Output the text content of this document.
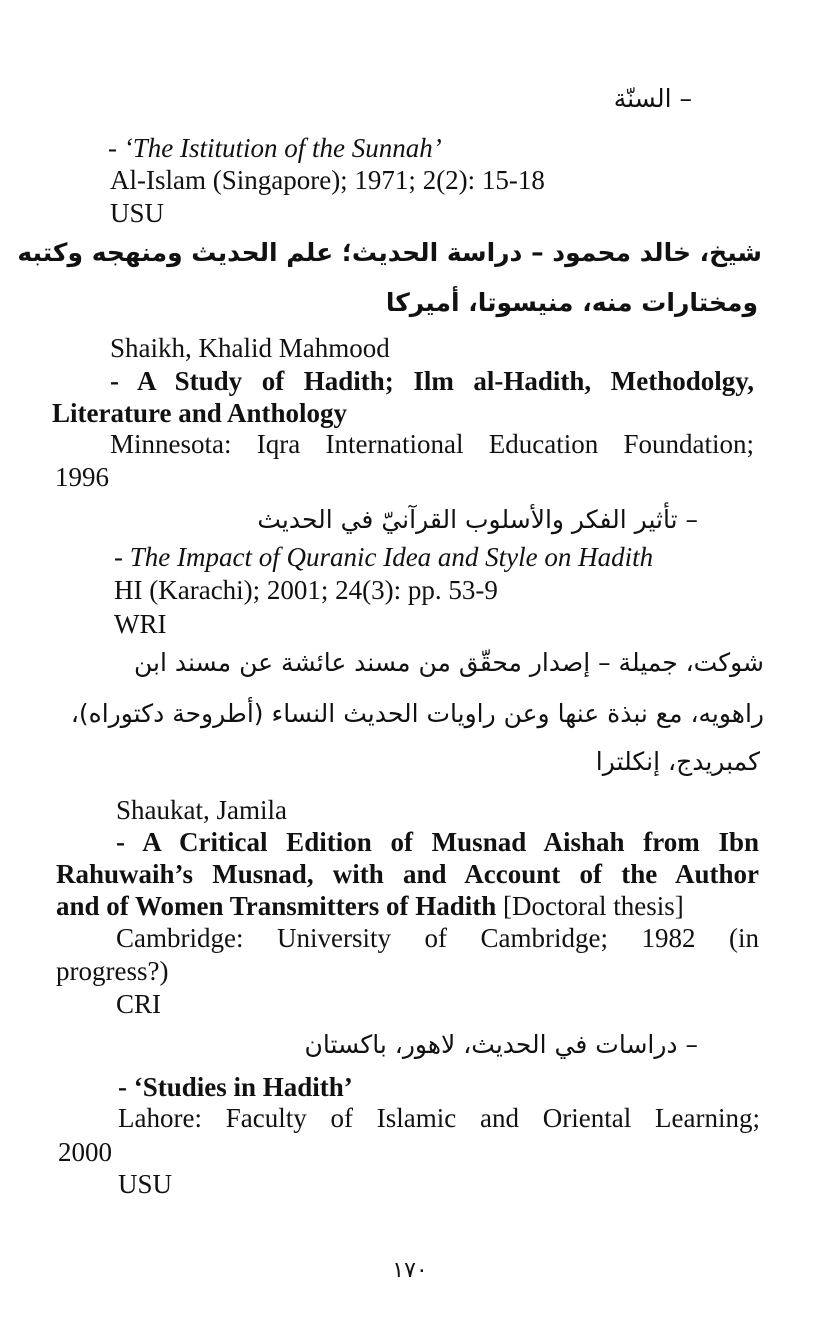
– السنّة
- ‘The Istitution of the Sunnah’
Al-Islam (Singapore); 1971; 2(2): 15-18
USU
شيخ، خالد محمود – دراسة الحديث؛ علم الحديث ومنهجه وكتبه
ومختارات منه، منيسوتا، أميركا
Shaikh, Khalid Mahmood
- A Study of Hadith; Ilm al-Hadith, Methodolgy,
Literature and Anthology
Minnesota: Iqra International Education Foundation;
1996
– تأثير الفكر والأسلوب القرآنيّ في الحديث
- The Impact of Quranic Idea and Style on Hadith
HI (Karachi); 2001; 24(3): pp. 53-9
WRI
شوكت، جميلة – إصدار محقّق من مسند عائشة عن مسند ابن
راهويه، مع نبذة عنها وعن راويات الحديث النساء (أطروحة دكتوراه)،
كمبريدج، إنكلترا
Shaukat, Jamila
- A Critical Edition of Musnad Aishah from Ibn
Rahuwaih’s Musnad, with and Account of the Author
and of Women Transmitters of Hadith [Doctoral thesis]
Cambridge: University of Cambridge; 1982 (in
progress?)
CRI
– دراسات في الحديث، لاهور، باكستان
- ‘Studies in Hadith’
Lahore: Faculty of Islamic and Oriental Learning;
2000
USU
١٧٠
